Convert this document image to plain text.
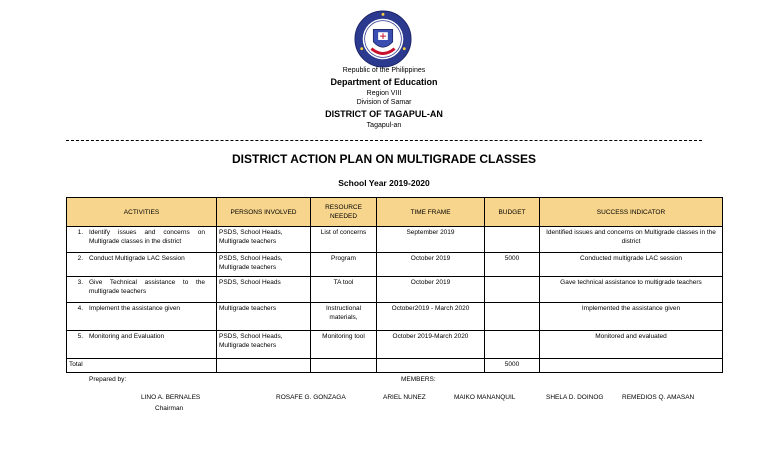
Republic of the Philippines
Department of Education
Region VIII
Division of Samar
DISTRICT OF TAGAPUL-AN
Tagapul-an
DISTRICT ACTION PLAN ON MULTIGRADE CLASSES
School Year 2019-2020
ACTIVITIES	PERSONS INVOLVED	RESOURCE NEEDED	TIME FRAME	BUDGET	SUCCESS INDICATOR
1. Identify issues and concerns on Multigrade classes in the district	PSDS, School Heads, Multigrade teachers	List of concerns	September 2019		Identified issues and concerns on Multigrade classes in the district
2. Conduct Multigrade LAC Session	PSDS, School Heads, Multigrade teachers	Program	October 2019	5000	Conducted multigrade LAC session
3. Give Technical assistance to the multigrade teachers	PSDS, School Heads	TA tool	October 2019		Gave technical assistance to multigrade teachers
4. Implement the assistance given	Multigrade teachers	Instructional materials,	October2019 - March 2020		Implemented the assistance given
5. Monitoring and Evaluation	PSDS, School Heads, Multigrade teachers	Monitoring tool	October 2019-March 2020		Monitored and evaluated
Total				5000	
Prepared by:	MEMBERS:
LINO A. BERNALES
Chairman
ROSAFE G. GONZAGA	ARIEL NUNEZ	MAIKO MANANQUIL	SHELA D. DOINOG	REMEDIOS Q. AMASAN
